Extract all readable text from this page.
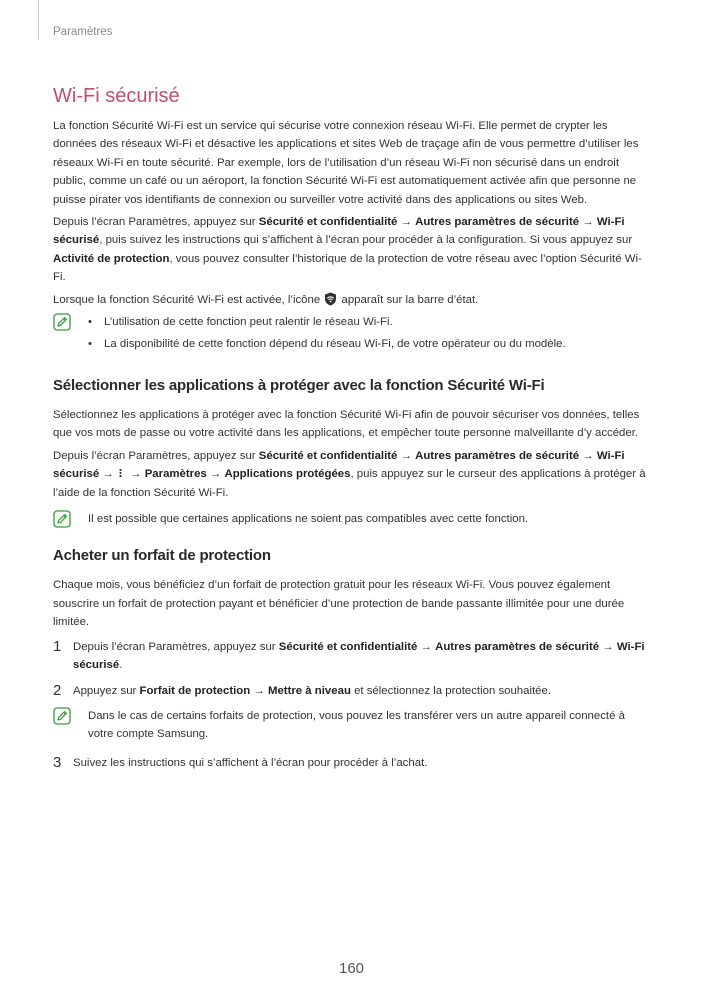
Paramètres
Wi-Fi sécurisé

La fonction Sécurité Wi-Fi est un service qui sécurise votre connexion réseau Wi-Fi. Elle permet de crypter les données des réseaux Wi-Fi et désactive les applications et sites Web de traçage afin de vous permettre d’utiliser les réseaux Wi-Fi en toute sécurité. Par exemple, lors de l’utilisation d’un réseau Wi-Fi non sécurisé dans un endroit public, comme un café ou un aéroport, la fonction Sécurité Wi-Fi est automatiquement activée afin que personne ne puisse pirater vos identifiants de connexion ou surveiller votre activité dans des applications ou sites Web.

Depuis l’écran Paramètres, appuyez sur Sécurité et confidentialité → Autres paramètres de sécurité → Wi-Fi sécurisé, puis suivez les instructions qui s’affichent à l’écran pour procéder à la configuration. Si vous appuyez sur Activité de protection, vous pouvez consulter l’historique de la protection de votre réseau avec l’option Sécurité Wi-Fi.

Lorsque la fonction Sécurité Wi-Fi est activée, l’icône  apparaît sur la barre d’état.

• L’utilisation de cette fonction peut ralentir le réseau Wi-Fi.
• La disponibilité de cette fonction dépend du réseau Wi-Fi, de votre opérateur ou du modèle.
Sélectionner les applications à protéger avec la fonction Sécurité Wi-Fi

Sélectionnez les applications à protéger avec la fonction Sécurité Wi-Fi afin de pouvoir sécuriser vos données, telles que vos mots de passe ou votre activité dans les applications, et empêcher toute personne malveillante d’y accéder.

Depuis l’écran Paramètres, appuyez sur Sécurité et confidentialité → Autres paramètres de sécurité → Wi-Fi sécurisé →  → Paramètres → Applications protégées, puis appuyez sur le curseur des applications à protéger à l’aide de la fonction Sécurité Wi-Fi.

Il est possible que certaines applications ne soient pas compatibles avec cette fonction.
Acheter un forfait de protection

Chaque mois, vous bénéficiez d’un forfait de protection gratuit pour les réseaux Wi-Fi. Vous pouvez également souscrire un forfait de protection payant et bénéficier d’une protection de bande passante illimitée pour une durée limitée.

1	Depuis l’écran Paramètres, appuyez sur Sécurité et confidentialité → Autres paramètres de sécurité → Wi-Fi sécurisé.
2	Appuyez sur Forfait de protection → Mettre à niveau et sélectionnez la protection souhaitée.
Dans le cas de certains forfaits de protection, vous pouvez les transférer vers un autre appareil connecté à votre compte Samsung.
3	Suivez les instructions qui s’affichent à l’écran pour procéder à l’achat.
160
